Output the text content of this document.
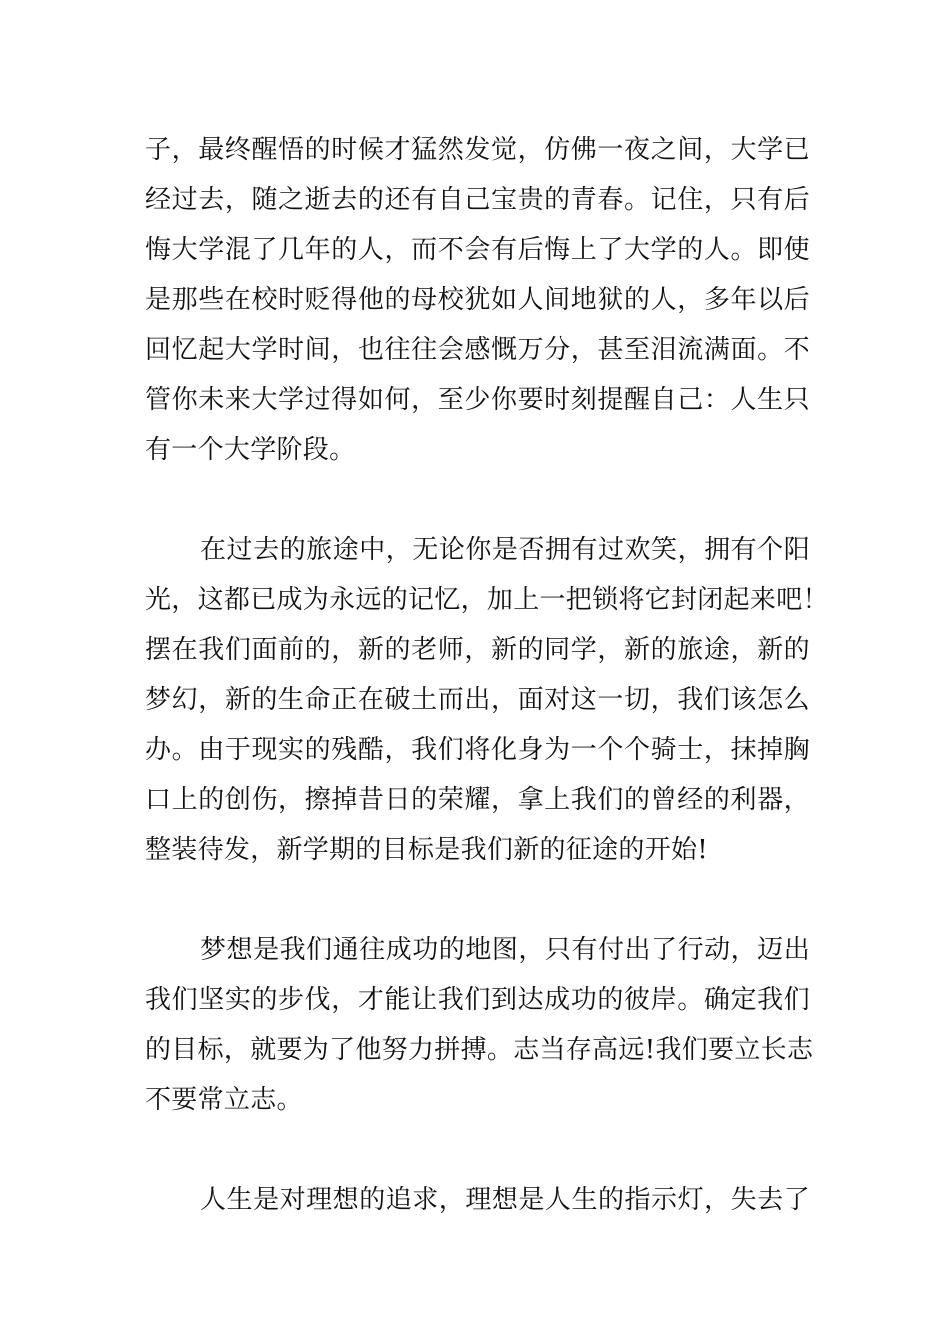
子，最终醒悟的时候才猛然发觉，仿佛一夜之间，大学已
经过去，随之逝去的还有自己宝贵的青春。记住，只有后
悔大学混了几年的人，而不会有后悔上了大学的人。即使
是那些在校时贬得他的母校犹如人间地狱的人，多年以后
回忆起大学时间，也往往会感慨万分，甚至泪流满面。不
管你未来大学过得如何，至少你要时刻提醒自己：人生只
有一个大学阶段。
在过去的旅途中，无论你是否拥有过欢笑，拥有个阳
光，这都已成为永远的记忆，加上一把锁将它封闭起来吧！
摆在我们面前的，新的老师，新的同学，新的旅途，新的
梦幻，新的生命正在破土而出，面对这一切，我们该怎么
办。由于现实的残酷，我们将化身为一个个骑士，抹掉胸
口上的创伤，擦掉昔日的荣耀，拿上我们的曾经的利器，
整装待发，新学期的目标是我们新的征途的开始!
梦想是我们通往成功的地图，只有付出了行动，迈出
我们坚实的步伐，才能让我们到达成功的彼岸。确定我们
的目标，就要为了他努力拼搏。志当存高远!我们要立长志
不要常立志。
人生是对理想的追求，理想是人生的指示灯，失去了
